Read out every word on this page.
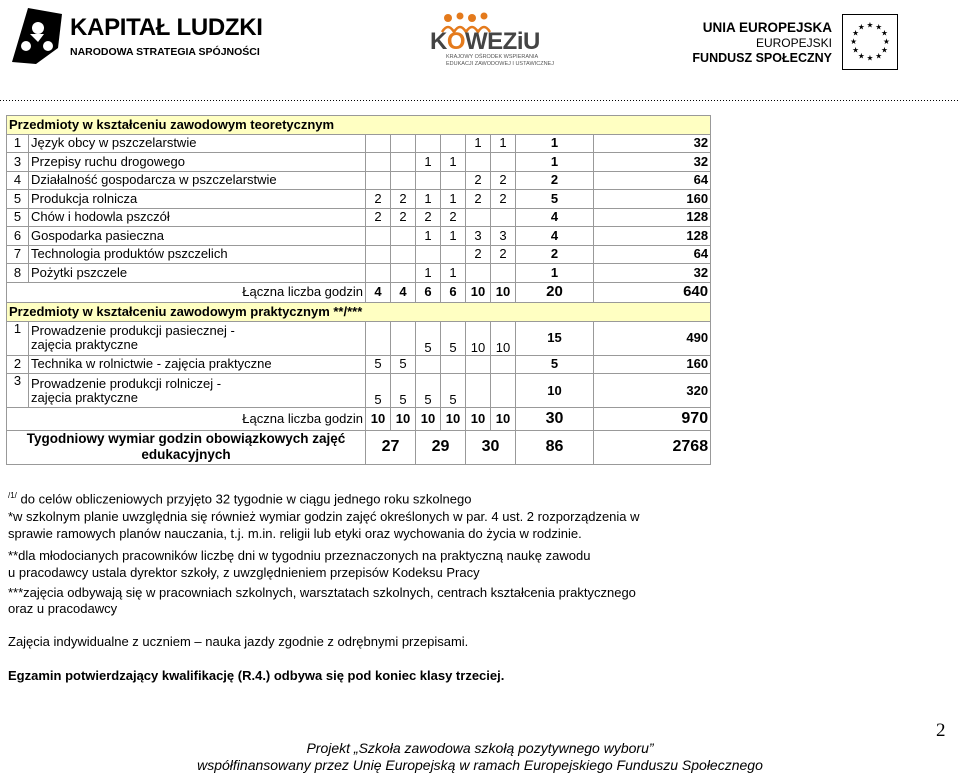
KAPITAŁ LUDZKI
NARODOWA STRATEGIA SPÓJNOŚCI	KOWEZiU
KRAJOWY OŚRODEK WSPIERANIA
EDUKACJI ZAWODOWEJ I USTAWICZNEJ
UNIA EUROPEJSKA
EUROPEJSKI
FUNDUSZ SPOŁECZNY
★ ★
★
★
★
★
★
★
★
★
★
★
Przedmioty w kształceniu zawodowym teoretycznym									
1	Język obcy w pszczelarstwie					1	1	1	32
3	Przepisy ruchu drogowego			1	1			1	32
4	Działalność gospodarcza w pszczelarstwie					2	2	2	64
5	Produkcja rolnicza	2	2	1	1	2	2	5	160
5	Chów i hodowla pszczół	2	2	2	2			4	128
6	Gospodarka pasieczna			1	1	3	3	4	128
7	Technologia produktów pszczelich					2	2	2	64
8	Pożytki pszczele			1	1			1	32
Łączna liczba godzin		4	4	6	6	10	10	20	640
Przedmioty w kształceniu zawodowym praktycznym **/***									
1	Prowadzenie produkcji pasiecznej - zajęcia praktyczne			5	5	10	10	15	490
2	Technika w rolnictwie - zajęcia praktyczne	5	5					5	160
3	Prowadzenie produkcji rolniczej - zajęcia praktyczne	5	5	5	5			10	320
Łączna liczba godzin		10	10	10	10	10	10	30	970
Tygodniowy wymiar godzin obowiązkowych zajęć edukacyjnych		27		29		30		86	2768

$^{/1/}$ do celów obliczeniowych przyjęto 32 tygodnie w ciągu jednego roku szkolnego

*w szkolnym planie uwzględnia się również wymiar godzin zajęć określonych w par. 4 ust. 2 rozporządzenia w

sprawie ramowych planów nauczania, t.j. m.in. religii lub etyki oraz wychowania do życia w rodzinie.

**dla młodocianych pracowników liczbę dni w tygodniu przeznaczonych na praktyczną naukę zawodu

u pracodawcy ustala dyrektor szkoły, z uwzględnieniem przepisów Kodeksu Pracy

***zajęcia odbywają się w pracowniach szkolnych, warsztatach szkolnych, centrach kształcenia praktycznego

oraz u pracodawcy

Zajęcia indywidualne z uczniem – nauka jazdy zgodnie z odrębnymi przepisami.

Egzamin potwierdzający kwalifikację (R.4.) odbywa się pod koniec klasy trzeciej.

2
Projekt „Szkoła zawodowa szkołą pozytywnego wyboru”
współfinansowany przez Unię Europejską w ramach Europejskiego Funduszu Społecznego
